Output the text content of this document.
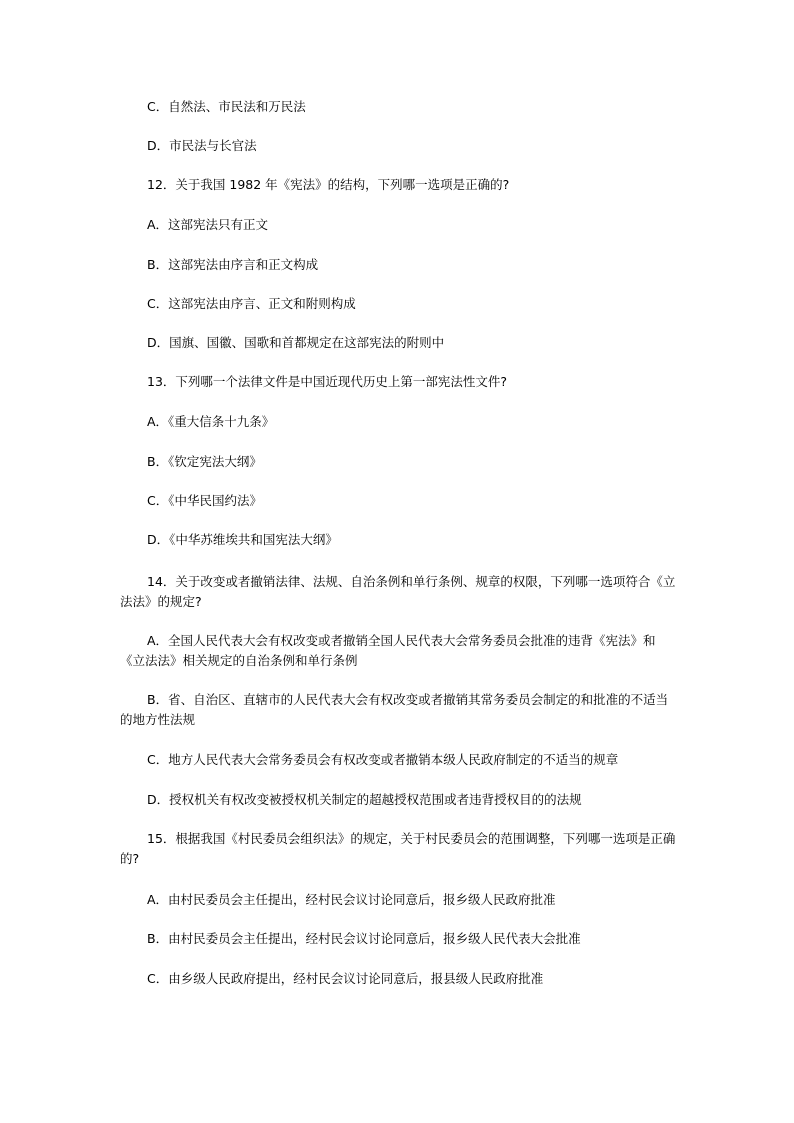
C．自然法、市民法和万民法
D．市民法与长官法
12．关于我国 1982 年《宪法》的结构，下列哪一选项是正确的?
A．这部宪法只有正文
B．这部宪法由序言和正文构成
C．这部宪法由序言、正文和附则构成
D．国旗、国徽、国歌和首都规定在这部宪法的附则中
13．下列哪一个法律文件是中国近现代历史上第一部宪法性文件?
A．《重大信条十九条》
B．《钦定宪法大纲》
C．《中华民国约法》
D．《中华苏维埃共和国宪法大纲》
14．关于改变或者撤销法律、法规、自治条例和单行条例、规章的权限，下列哪一选项符合《立法法》的规定?
A．全国人民代表大会有权改变或者撤销全国人民代表大会常务委员会批准的违背《宪法》和《立法法》相关规定的自治条例和单行条例
B．省、自治区、直辖市的人民代表大会有权改变或者撤销其常务委员会制定的和批准的不适当的地方性法规
C．地方人民代表大会常务委员会有权改变或者撤销本级人民政府制定的不适当的规章
D．授权机关有权改变被授权机关制定的超越授权范围或者违背授权目的的法规
15．根据我国《村民委员会组织法》的规定，关于村民委员会的范围调整，下列哪一选项是正确的?
A．由村民委员会主任提出，经村民会议讨论同意后，报乡级人民政府批准
B．由村民委员会主任提出，经村民会议讨论同意后，报乡级人民代表大会批准
C．由乡级人民政府提出，经村民会议讨论同意后，报县级人民政府批准
